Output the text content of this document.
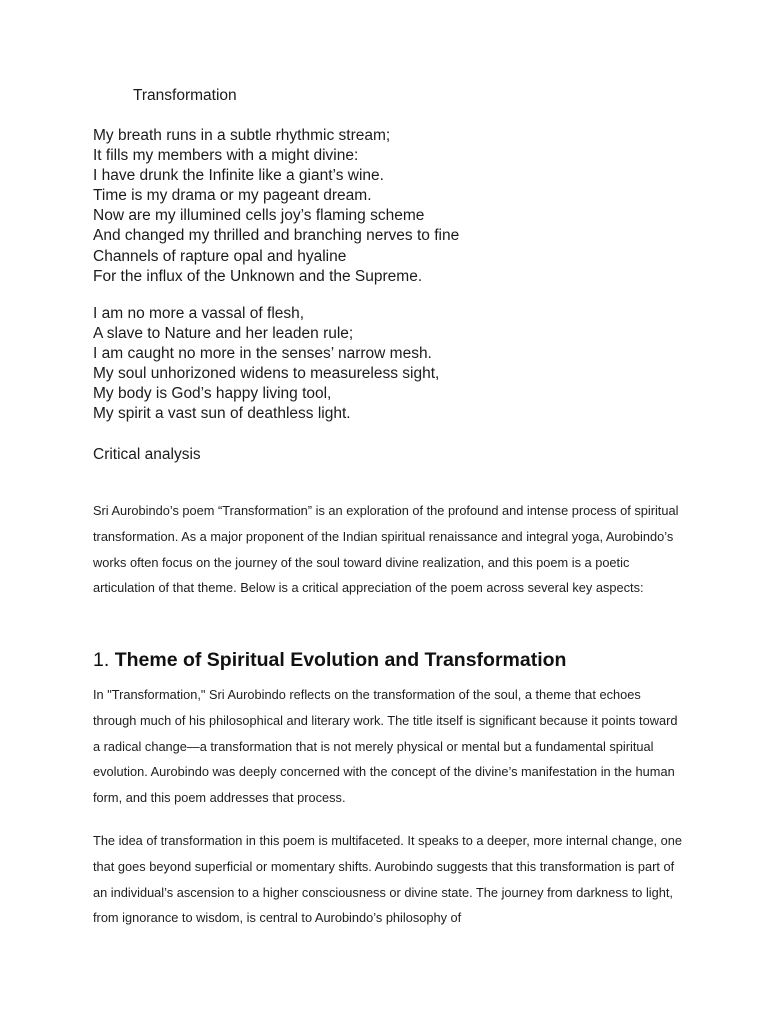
Transformation
My breath runs in a subtle rhythmic stream;
It fills my members with a might divine:
I have drunk the Infinite like a giant’s wine.
Time is my drama or my pageant dream.
Now are my illumined cells joy’s flaming scheme
And changed my thrilled and branching nerves to fine
Channels of rapture opal and hyaline
For the influx of the Unknown and the Supreme.
I am no more a vassal of flesh,
A slave to Nature and her leaden rule;
I am caught no more in the senses’ narrow mesh.
My soul unhorizoned widens to measureless sight,
My body is God’s happy living tool,
My spirit a vast sun of deathless light.
Critical analysis

Sri Aurobindo’s poem “Transformation” is an exploration of the profound and intense process of spiritual transformation. As a major proponent of the Indian spiritual renaissance and integral yoga, Aurobindo’s works often focus on the journey of the soul toward divine realization, and this poem is a poetic articulation of that theme. Below is a critical appreciation of the poem across several key aspects:

1. Theme of Spiritual Evolution and Transformation

In "Transformation," Sri Aurobindo reflects on the transformation of the soul, a theme that echoes through much of his philosophical and literary work. The title itself is significant because it points toward a radical change—a transformation that is not merely physical or mental but a fundamental spiritual evolution. Aurobindo was deeply concerned with the concept of the divine’s manifestation in the human form, and this poem addresses that process.

The idea of transformation in this poem is multifaceted. It speaks to a deeper, more internal change, one that goes beyond superficial or momentary shifts. Aurobindo suggests that this transformation is part of an individual’s ascension to a higher consciousness or divine state. The journey from darkness to light, from ignorance to wisdom, is central to Aurobindo’s philosophy of
